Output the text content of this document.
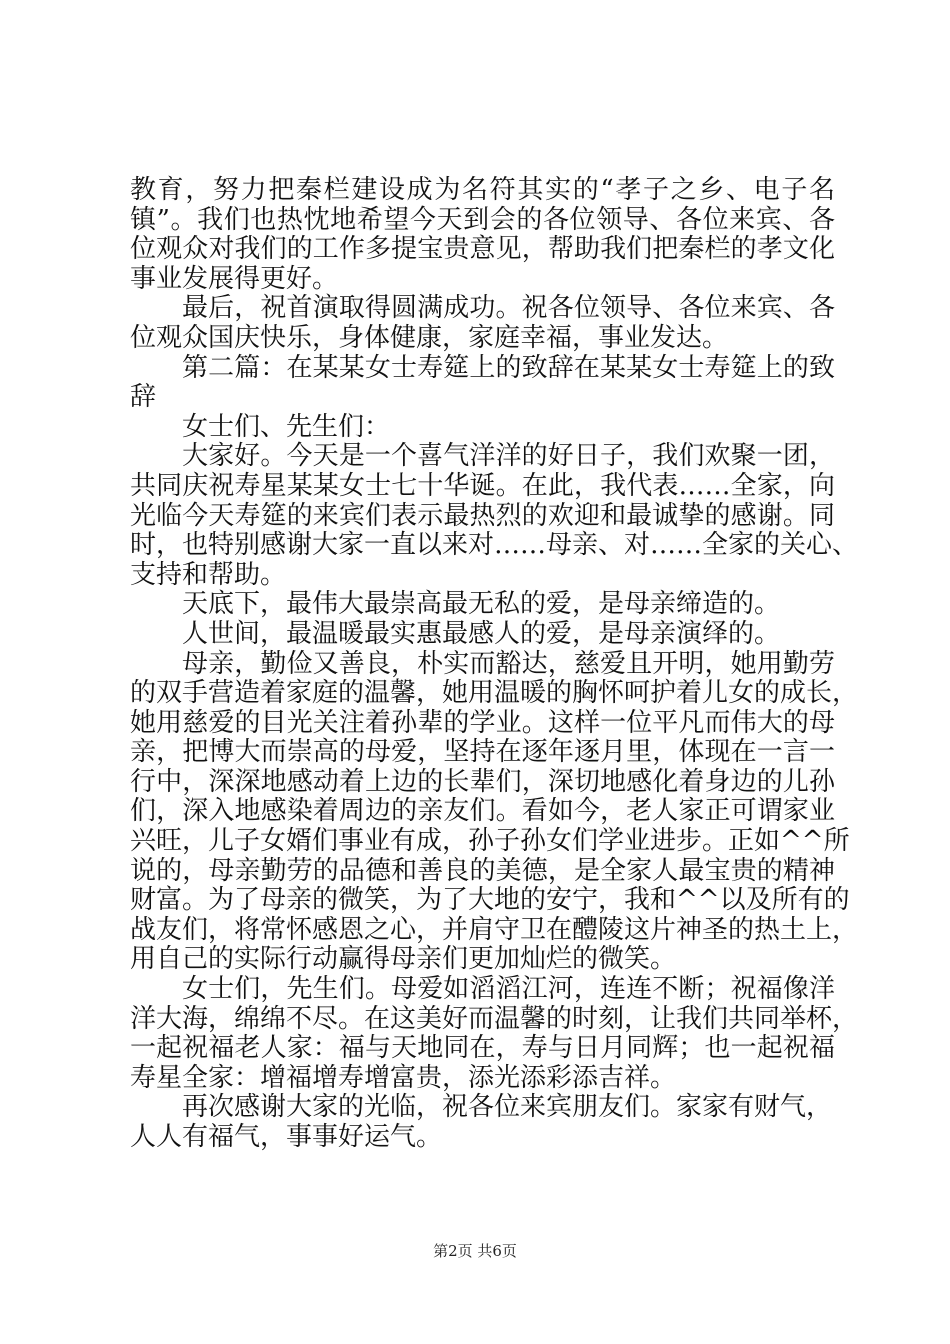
教育，努力把秦栏建设成为名符其实的“孝子之乡、电子名
镇”。我们也热忱地希望今天到会的各位领导、各位来宾、各
位观众对我们的工作多提宝贵意见，帮助我们把秦栏的孝文化
事业发展得更好。
最后，祝首演取得圆满成功。祝各位领导、各位来宾、各
位观众国庆快乐，身体健康，家庭幸福，事业发达。
第二篇：在某某女士寿筵上的致辞在某某女士寿筵上的致
辞
女士们、先生们：
大家好。今天是一个喜气洋洋的好日子，我们欢聚一团，
共同庆祝寿星某某女士七十华诞。在此，我代表……全家，向
光临今天寿筵的来宾们表示最热烈的欢迎和最诚挚的感谢。同
时，也特别感谢大家一直以来对……母亲、对……全家的关心、
支持和帮助。
天底下，最伟大最崇高最无私的爱，是母亲缔造的。
人世间，最温暖最实惠最感人的爱，是母亲演绎的。
母亲，勤俭又善良，朴实而豁达，慈爱且开明，她用勤劳
的双手营造着家庭的温馨，她用温暖的胸怀呵护着儿女的成长，
她用慈爱的目光关注着孙辈的学业。这样一位平凡而伟大的母
亲，把博大而崇高的母爱，坚持在逐年逐月里，体现在一言一
行中，深深地感动着上边的长辈们，深切地感化着身边的儿孙
们，深入地感染着周边的亲友们。看如今，老人家正可谓家业
兴旺，儿子女婿们事业有成，孙子孙女们学业进步。正如^^所
说的，母亲勤劳的品德和善良的美德，是全家人最宝贵的精神
财富。为了母亲的微笑，为了大地的安宁，我和^^以及所有的
战友们，将常怀感恩之心，并肩守卫在醴陵这片神圣的热土上，
用自己的实际行动赢得母亲们更加灿烂的微笑。
女士们，先生们。母爱如滔滔江河，连连不断；祝福像洋
洋大海，绵绵不尽。在这美好而温馨的时刻，让我们共同举杯，
一起祝福老人家：福与天地同在，寿与日月同辉；也一起祝福
寿星全家：增福增寿增富贵，添光添彩添吉祥。
再次感谢大家的光临，祝各位来宾朋友们。家家有财气，
人人有福气，事事好运气。
第2页 共6页
